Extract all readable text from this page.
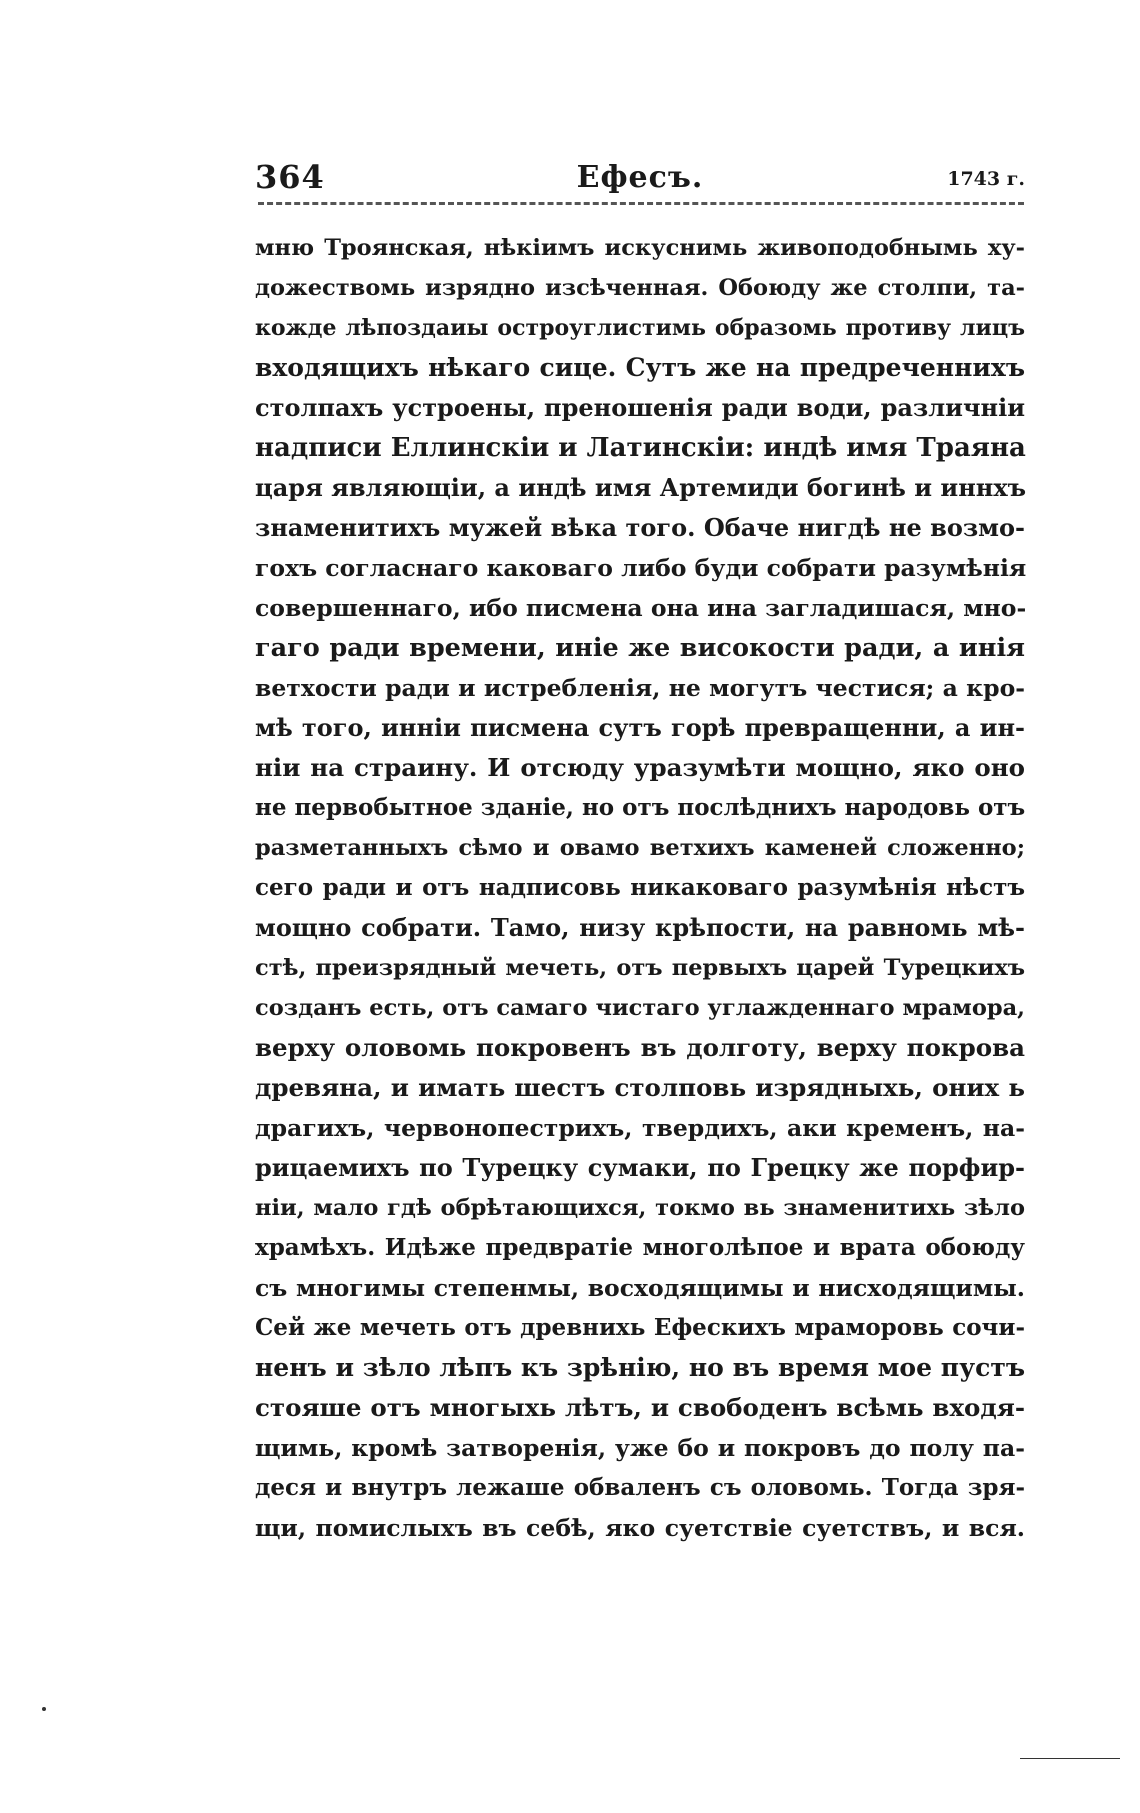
364	Ефесъ.	1743 г.
мню Троянская, нѣкіимъ искуснимь живоподобнымь ху-
дожествомь изрядно изсѣченная. Обоюду же столпи, та-
кожде лѣпоздаиы остроуглистимь образомь противу лицъ
входящихъ нѣкаго сице. Сутъ же на предреченнихъ
столпахъ устроены, преношенія ради води, различніи
надписи Еллинскіи и Латинскіи: индѣ имя Траяна
царя являющіи, а индѣ имя Артемиди богинѣ и иннхъ
знаменитихъ мужей вѣка того. Обаче нигдѣ не возмо-
гохъ согласнаго каковаго либо буди собрати разумѣнія
совершеннаго, ибо писмена она ина загладишася, мно-
гаго ради времени, иніе же високости ради, а инія
ветхости ради и истребленія, не могутъ честися; а кро-
мѣ того, инніи писмена сутъ горѣ превращенни, а ин-
ніи на страину. И отсюду уразумѣти мощно, яко оно
не первобытное зданіе, но отъ послѣднихъ народовь отъ
разметанныхъ сѣмо и овамо ветхихъ каменей сложенно;
сего ради и отъ надписовь никаковаго разумѣнія нѣстъ
мощно собрати. Тамо, низу крѣпости, на равномь мѣ-
стѣ, преизрядный мечеть, отъ первыхъ царей Турецкихъ
созданъ есть, отъ самаго чистаго углажденнаго мрамора,
верху оловомь покровенъ въ долготу, верху покрова
древяна, и имать шестъ столповь изрядныхь, оних ь
драгихъ, червонопестрихъ, твердихъ, аки кременъ, на-
рицаемихъ по Турецку сумаки, по Грецку же порфир-
ніи, мало гдѣ обрѣтающихся, токмо вь знаменитихь зѣло
храмѣхъ. Идѣже предвратіе многолѣпое и врата обоюду
съ многимы степенмы, восходящимы и нисходящимы.
Сей же мечеть отъ древнихь Ефескихъ мраморовь сочи-
ненъ и зѣло лѣпъ къ зрѣнію, но въ время мое пустъ
стояше отъ многыхь лѣтъ, и свободенъ всѣмь входя-
щимь, кромѣ затворенія, уже бо и покровъ до полу па-
деся и внутръ лежаше обваленъ съ оловомь. Тогда зря-
щи, помислыхъ въ себѣ, яко суетствіе суетствъ, и вся.
